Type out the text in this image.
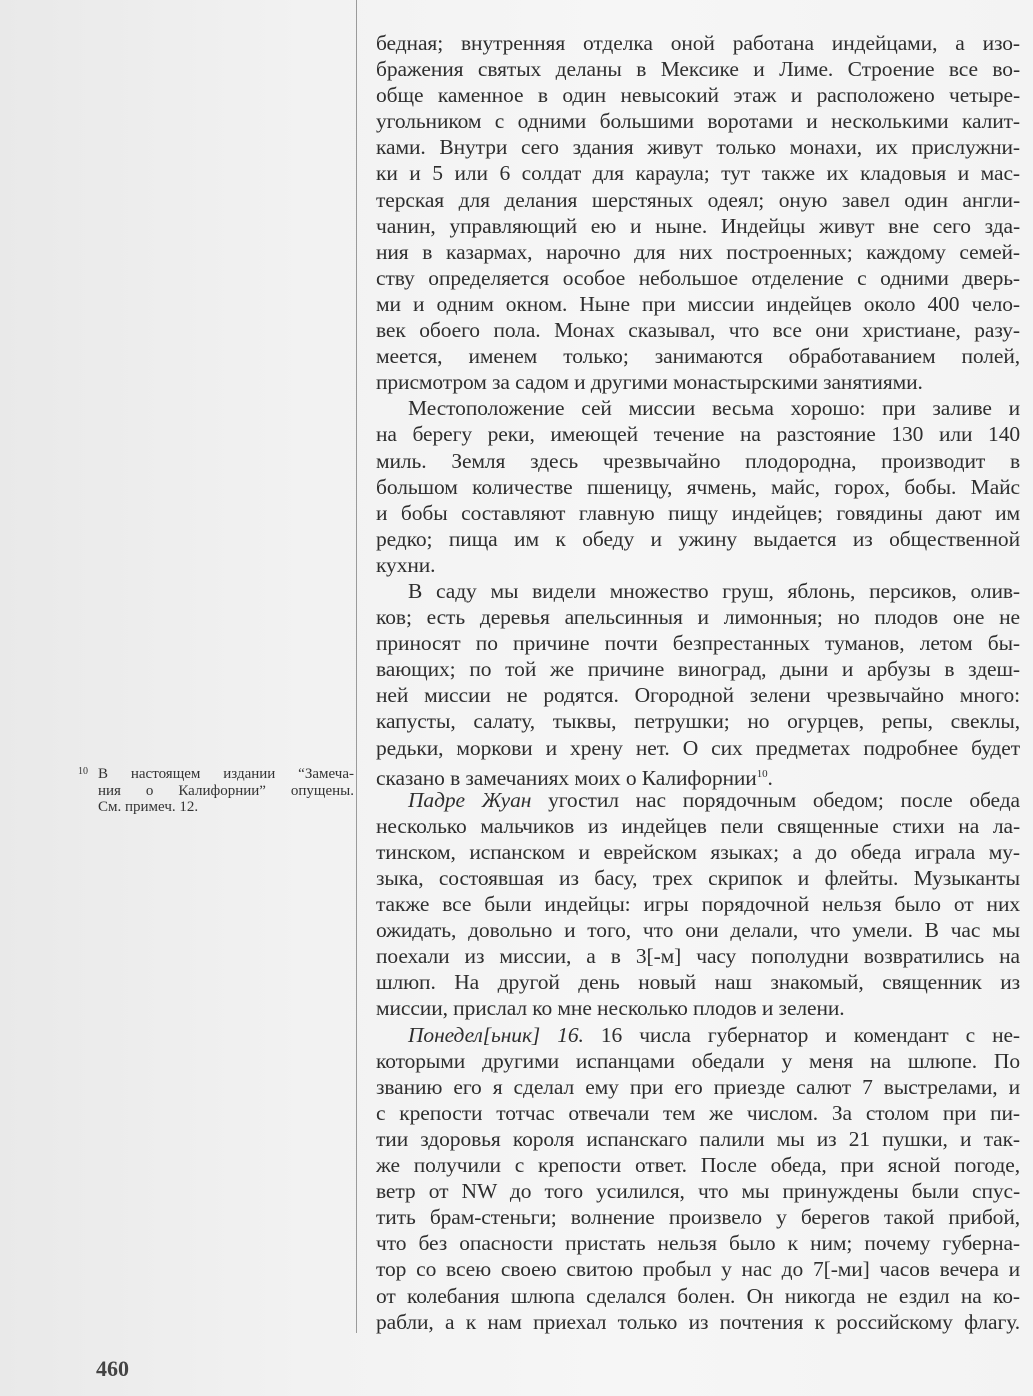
бедная; внутренняя отделка оной работана индейцами, а изо-
бражения святых деланы в Мексике и Лиме. Строение все во-
обще каменное в один невысокий этаж и расположено четыре-
угольником с одними большими воротами и несколькими калит-
ками. Внутри сего здания живут только монахи, их прислужни-
ки и 5 или 6 солдат для караула; тут также их кладовыя и мас-
терская для делания шерстяных одеял; оную завел один англи-
чанин, управляющий ею и ныне. Индейцы живут вне сего зда-
ния в казармах, нарочно для них построенных; каждому семей-
ству определяется особое небольшое отделение с одними дверь-
ми и одним окном. Ныне при миссии индейцев около 400 чело-
век обоего пола. Монах сказывал, что все они христиане, разу-
меется, именем только; занимаются обработаванием полей,
присмотром за садом и другими монастырскими занятиями.
Местоположение сей миссии весьма хорошо: при заливе и
на берегу реки, имеющей течение на разстояние 130 или 140
миль. Земля здесь чрезвычайно плодородна, производит в
большом количестве пшеницу, ячмень, майс, горох, бобы. Майс
и бобы составляют главную пищу индейцев; говядины дают им
редко; пища им к обеду и ужину выдается из общественной
кухни.
В саду мы видели множество груш, яблонь, персиков, олив-
ков; есть деревья апельсинныя и лимонныя; но плодов оне не
приносят по причине почти безпрестанных туманов, летом бы-
вающих; по той же причине виноград, дыни и арбузы в здеш-
ней миссии не родятся. Огородной зелени чрезвычайно много:
капусты, салату, тыквы, петрушки; но огурцев, репы, свеклы,
редьки, моркови и хрену нет. О сих предметах подробнее будет
сказано в замечаниях моих о Калифорнии$^{10}$.
Падре Жуан угостил нас порядочным обедом; после обеда
несколько мальчиков из индейцев пели священные стихи на ла-
тинском, испанском и еврейском языках; а до обеда играла му-
зыка, состоявшая из басу, трех скрипок и флейты. Музыканты
также все были индейцы: игры порядочной нельзя было от них
ожидать, довольно и того, что они делали, что умели. В час мы
поехали из миссии, а в 3[-м] часу пополудни возвратились на
шлюп. На другой день новый наш знакомый, священник из
миссии, прислал ко мне несколько плодов и зелени.
Понедел[ьник] 16. 16 числа губернатор и комендант с не-
которыми другими испанцами обедали у меня на шлюпе. По
званию его я сделал ему при его приезде салют 7 выстрелами, и
с крепости тотчас отвечали тем же числом. За столом при пи-
тии здоровья короля испанскаго палили мы из 21 пушки, и так-
же получили с крепости ответ. После обеда, при ясной погоде,
ветр от NW до того усилился, что мы принуждены были спус-
тить брам-стеньги; волнение произвело у берегов такой прибой,
что без опасности пристать нельзя было к ним; почему губерна-
тор со всею своею свитою пробыл у нас до 7[-ми] часов вечера и
от колебания шлюпа сделался болен. Он никогда не ездил на ко-
рабли, а к нам приехал только из почтения к российскому флагу.
10 В настоящем издании “Замеча-
ния о Калифорнии” опущены.
См. примеч. 12.
460
